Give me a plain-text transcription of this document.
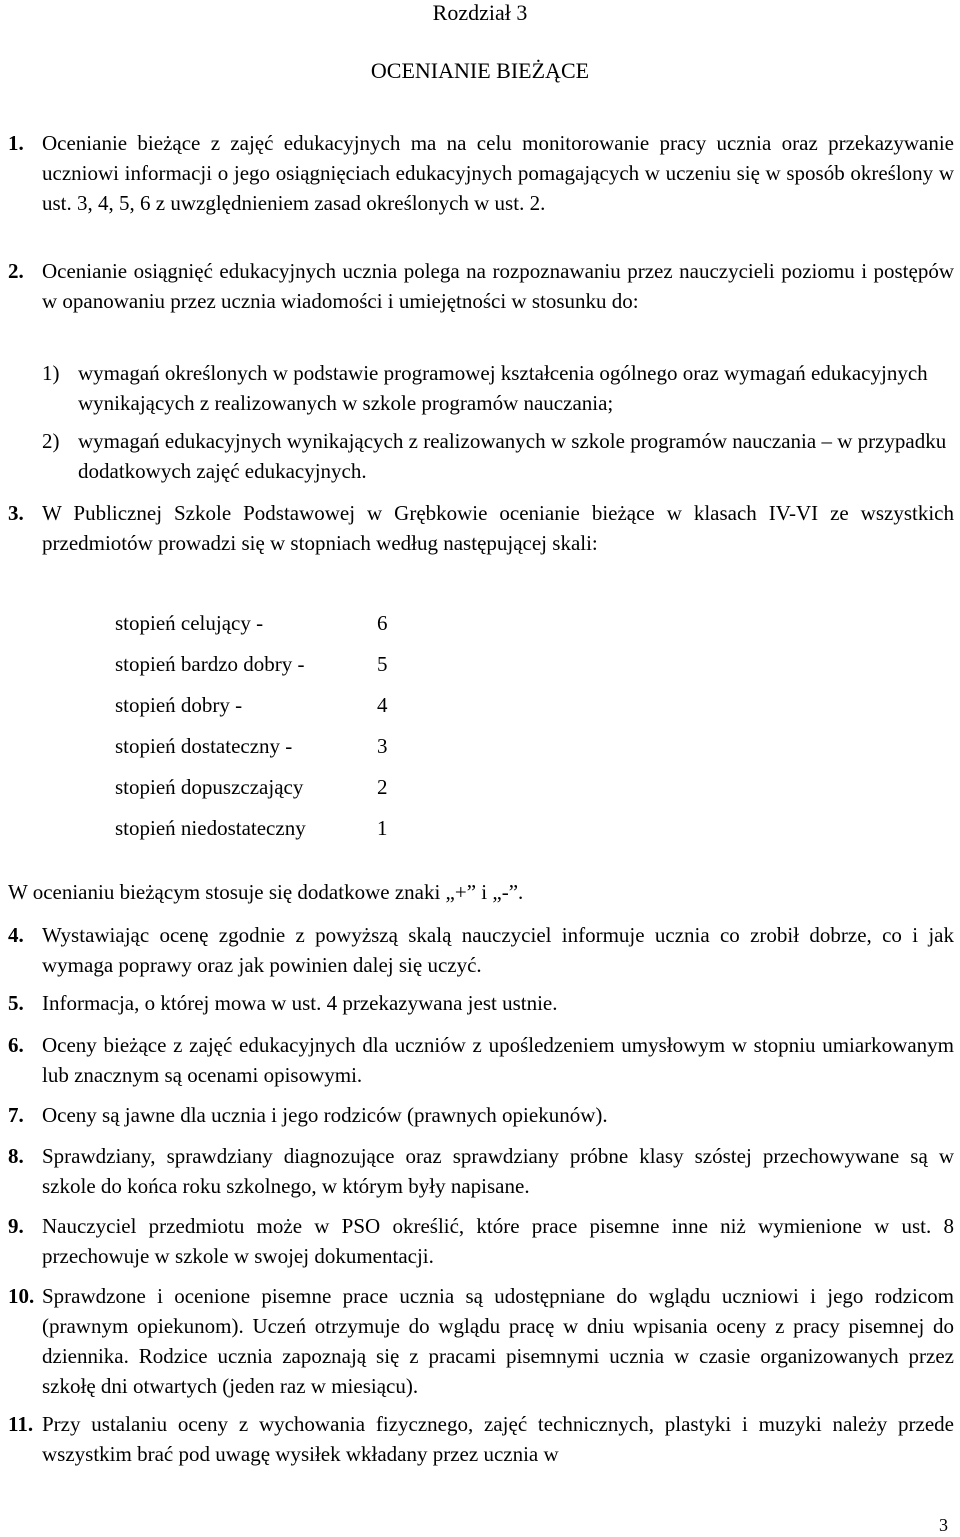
Rozdział 3
OCENIANIE BIEŻĄCE
1. Ocenianie bieżące z zajęć edukacyjnych ma na celu monitorowanie pracy ucznia oraz przekazywanie uczniowi informacji o jego osiągnięciach edukacyjnych pomagających w uczeniu się w sposób określony w ust. 3, 4, 5, 6 z uwzględnieniem zasad określonych w ust. 2.
2. Ocenianie osiągnięć edukacyjnych ucznia polega na rozpoznawaniu przez nauczycieli poziomu i postępów w opanowaniu przez ucznia wiadomości i umiejętności w stosunku do:
1) wymagań określonych w podstawie programowej kształcenia ogólnego oraz wymagań edukacyjnych wynikających z realizowanych w szkole programów nauczania;
2) wymagań edukacyjnych wynikających z realizowanych w szkole programów nauczania – w przypadku dodatkowych zajęć edukacyjnych.
3. W Publicznej Szkole Podstawowej w Grębkowie ocenianie bieżące w klasach IV-VI ze wszystkich przedmiotów prowadzi się w stopniach według następującej skali:
stopień celujący -	6
stopień bardzo dobry -	5
stopień dobry -	4
stopień dostateczny -	3
stopień dopuszczający	2
stopień niedostateczny	1
W ocenianiu bieżącym stosuje się dodatkowe znaki „+” i „-”.
4. Wystawiając ocenę zgodnie z powyższą skalą nauczyciel informuje ucznia co zrobił dobrze, co i jak wymaga poprawy oraz jak powinien dalej się uczyć.
5. Informacja, o której mowa w ust. 4 przekazywana jest ustnie.
6. Oceny bieżące z zajęć edukacyjnych dla uczniów z upośledzeniem umysłowym w stopniu umiarkowanym lub znacznym są ocenami opisowymi.
7. Oceny są jawne dla ucznia i jego rodziców (prawnych opiekunów).
8. Sprawdziany, sprawdziany diagnozujące oraz sprawdziany próbne klasy szóstej przechowywane są w szkole do końca roku szkolnego, w którym były napisane.
9. Nauczyciel przedmiotu może w PSO określić, które prace pisemne inne niż wymienione w ust. 8 przechowuje w szkole w swojej dokumentacji.
10. Sprawdzone i ocenione pisemne prace ucznia są udostępniane do wglądu uczniowi i jego rodzicom (prawnym opiekunom). Uczeń otrzymuje do wglądu pracę w dniu wpisania oceny z pracy pisemnej do dziennika. Rodzice ucznia zapoznają się z pracami pisemnymi ucznia w czasie organizowanych przez szkołę dni otwartych (jeden raz w miesiącu).
11. Przy ustalaniu oceny z wychowania fizycznego, zajęć technicznych, plastyki i muzyki należy przede wszystkim brać pod uwagę wysiłek wkładany przez ucznia w
3
